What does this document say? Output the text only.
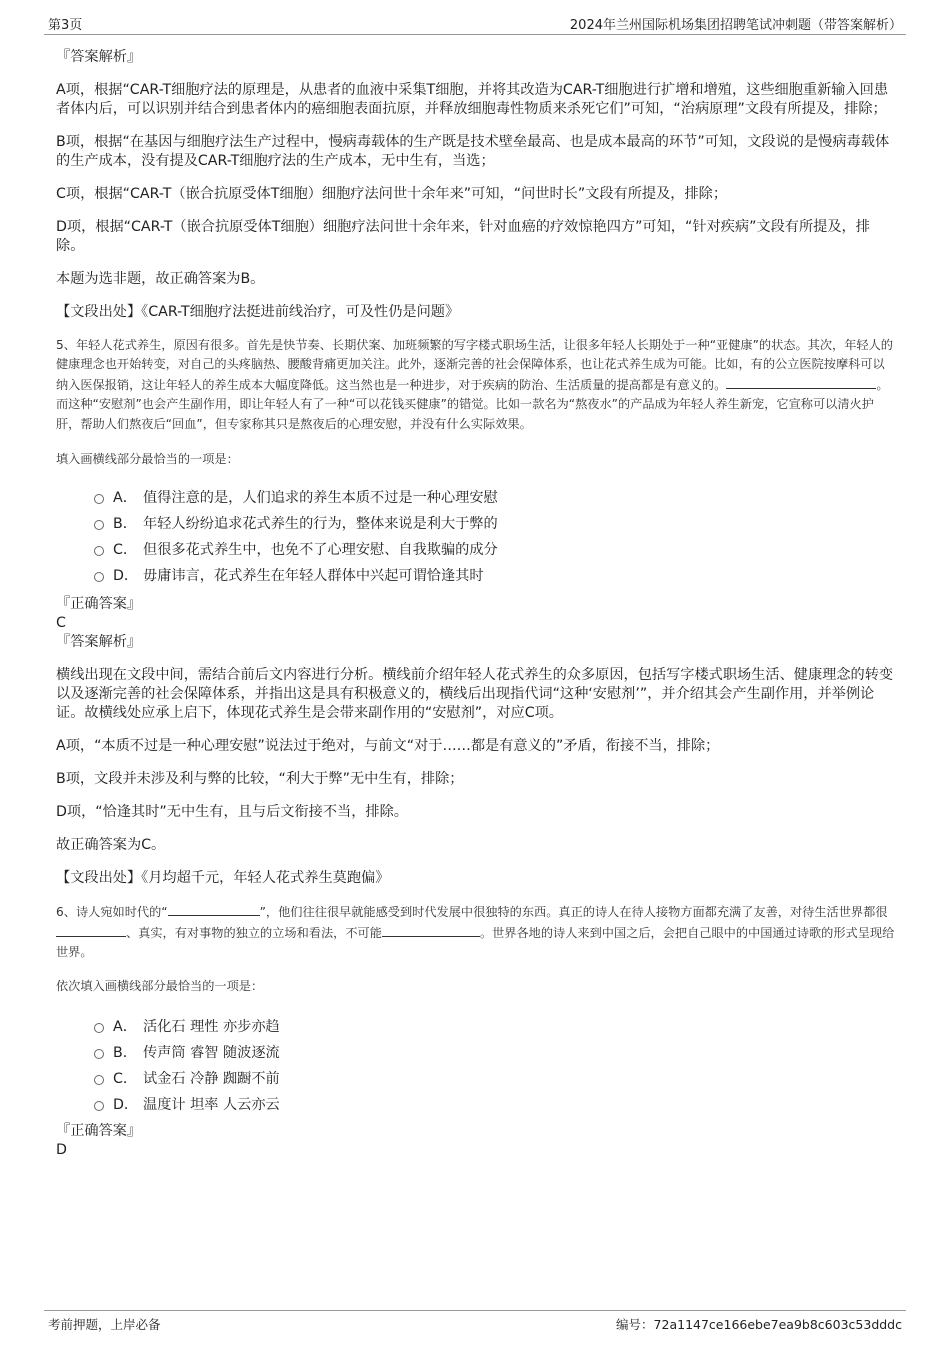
第3页	2024年兰州国际机场集团招聘笔试冲刺题（带答案解析）
『答案解析』
A项，根据“CAR-T细胞疗法的原理是，从患者的血液中采集T细胞，并将其改造为CAR-T细胞进行扩增和增殖，这些细胞重新输入回患者体内后，可以识别并结合到患者体内的癌细胞表面抗原，并释放细胞毒性物质来杀死它们”可知，“治病原理”文段有所提及，排除；
B项，根据“在基因与细胞疗法生产过程中，慢病毒载体的生产既是技术壁垒最高、也是成本最高的环节”可知，文段说的是慢病毒载体的生产成本，没有提及CAR-T细胞疗法的生产成本，无中生有，当选；
C项，根据“CAR-T（嵌合抗原受体T细胞）细胞疗法问世十余年来”可知，“问世时长”文段有所提及，排除；
D项，根据“CAR-T（嵌合抗原受体T细胞）细胞疗法问世十余年来，针对血癌的疗效惊艳四方”可知，“针对疾病”文段有所提及，排除。
本题为选非题，故正确答案为B。
【文段出处】《CAR-T细胞疗法挺进前线治疗，可及性仍是问题》
5、年轻人花式养生，原因有很多。首先是快节奏、长期伏案、加班频繁的写字楼式职场生活，让很多年轻人长期处于一种“亚健康”的状态。其次，年轻人的健康理念也开始转变，对自己的头疼脑热、腰酸背痛更加关注。此外，逐渐完善的社会保障体系，也让花式养生成为可能。比如，有的公立医院按摩科可以纳入医保报销，这让年轻人的养生成本大幅度降低。这当然也是一种进步，对于疾病的防治、生活质量的提高都是有意义的。	。而这种“安慰剂”也会产生副作用，即让年轻人有了一种“可以花钱买健康”的错觉。比如一款名为“熬夜水”的产品成为年轻人养生新宠，它宣称可以清火护肝，帮助人们熬夜后“回血”，但专家称其只是熬夜后的心理安慰，并没有什么实际效果。
填入画横线部分最恰当的一项是：
A． 值得注意的是，人们追求的养生本质不过是一种心理安慰
B． 年轻人纷纷追求花式养生的行为，整体来说是利大于弊的
C． 但很多花式养生中，也免不了心理安慰、自我欺骗的成分
D． 毋庸讳言，花式养生在年轻人群体中兴起可谓恰逢其时
『正确答案』
C
『答案解析』
横线出现在文段中间，需结合前后文内容进行分析。横线前介绍年轻人花式养生的众多原因，包括写字楼式职场生活、健康理念的转变以及逐渐完善的社会保障体系，并指出这是具有积极意义的，横线后出现指代词“这种‘安慰剂’”，并介绍其会产生副作用，并举例论证。故横线处应承上启下，体现花式养生是会带来副作用的“安慰剂”，对应C项。
A项，“本质不过是一种心理安慰”说法过于绝对，与前文“对于……都是有意义的”矛盾，衔接不当，排除；
B项，文段并未涉及利与弊的比较，“利大于弊”无中生有，排除；
D项，“恰逢其时”无中生有，且与后文衔接不当，排除。
故正确答案为C。
【文段出处】《月均超千元，年轻人花式养生莫跑偏》
6、诗人宛如时代的“	”，他们往往很早就能感受到时代发展中很独特的东西。真正的诗人在待人接物方面都充满了友善，对待生活世界都很、真实，有对事物的独立的立场和看法，不可能	。世界各地的诗人来到中国之后，会把自己眼中的中国通过诗歌的形式呈现给世界。
依次填入画横线部分最恰当的一项是：
A． 活化石 理性 亦步亦趋
B． 传声筒 睿智 随波逐流
C． 试金石 冷静 踟蹰不前
D． 温度计 坦率 人云亦云
『正确答案』
D
考前押题，上岸必备	编号：72a1147ce166ebe7ea9b8c603c53dddc
